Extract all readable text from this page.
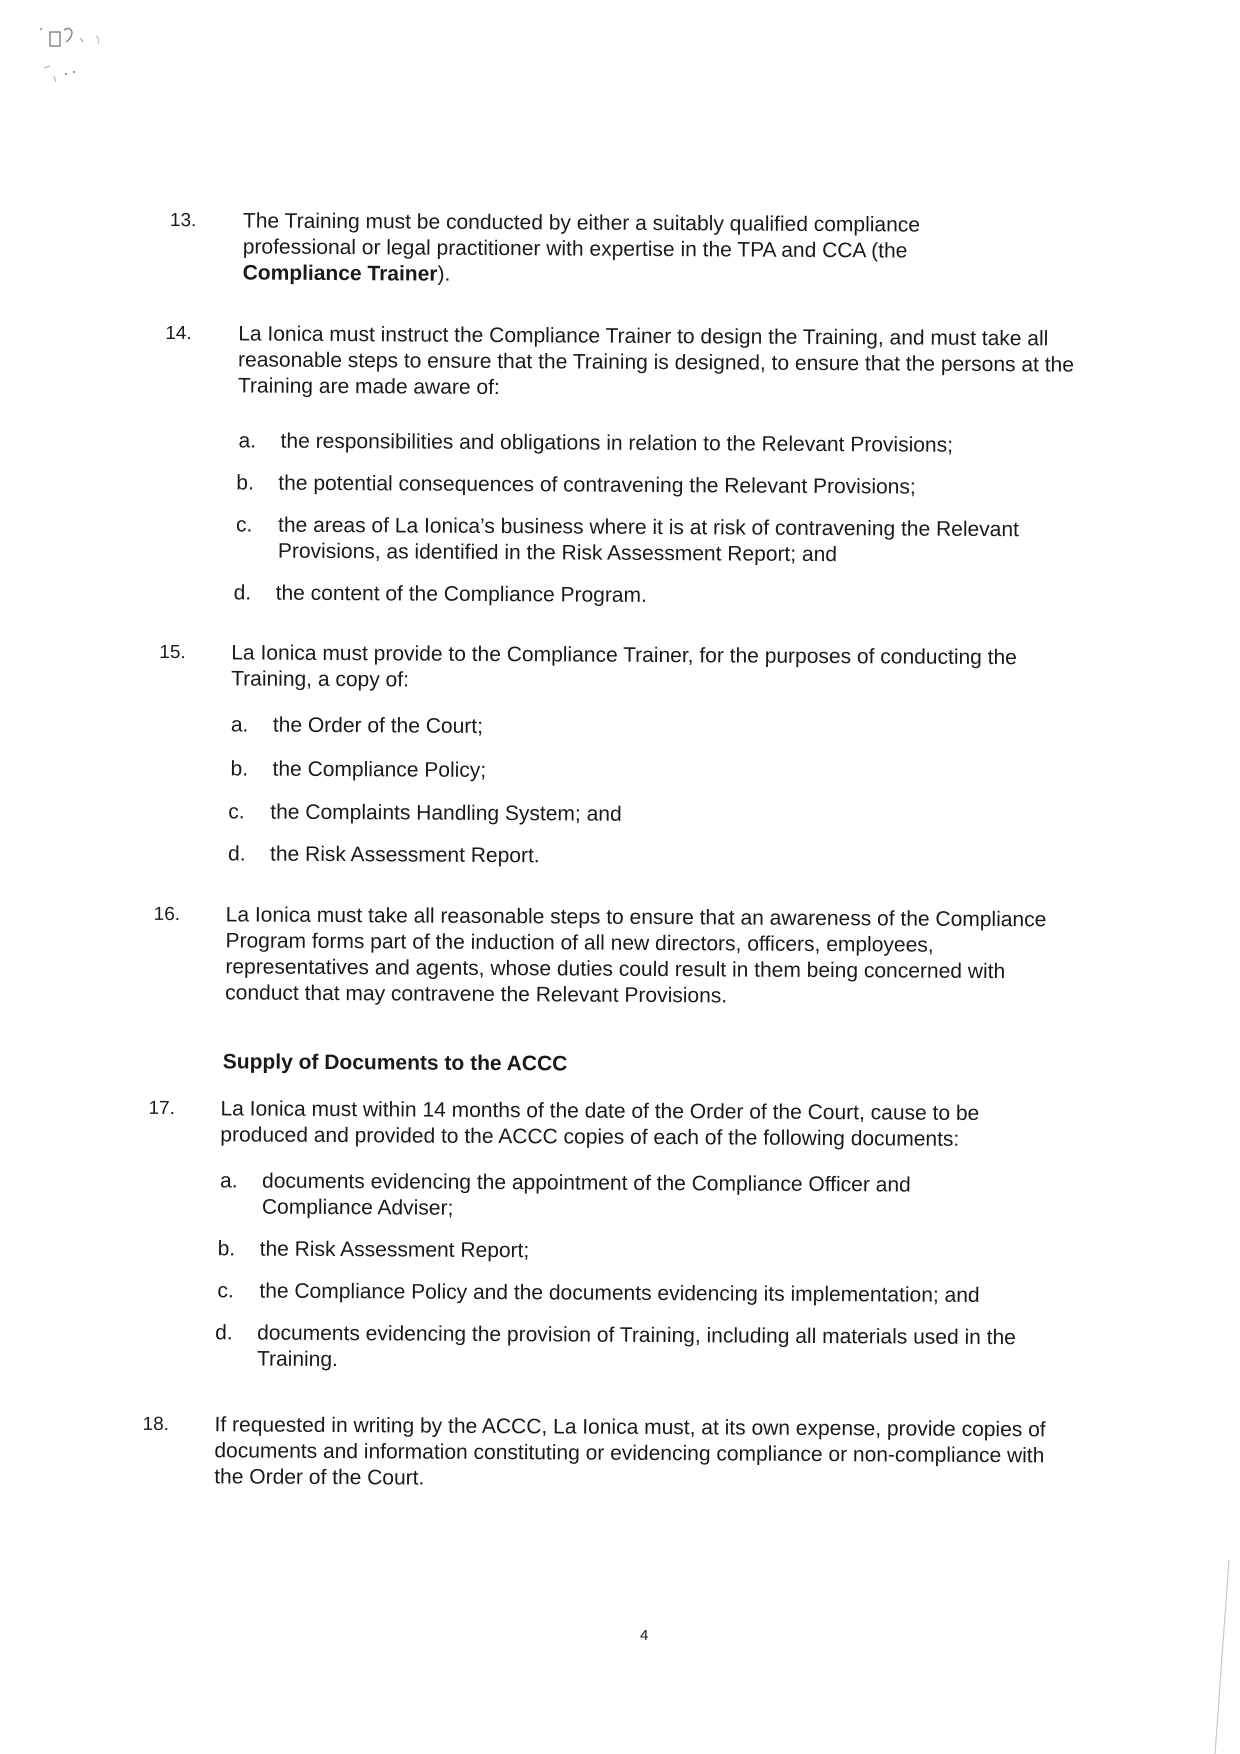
13. The Training must be conducted by either a suitably qualified compliance professional or legal practitioner with expertise in the TPA and CCA (the Compliance Trainer).
14. La Ionica must instruct the Compliance Trainer to design the Training, and must take all reasonable steps to ensure that the Training is designed, to ensure that the persons at the Training are made aware of:
a. the responsibilities and obligations in relation to the Relevant Provisions;
b. the potential consequences of contravening the Relevant Provisions;
c. the areas of La Ionica’s business where it is at risk of contravening the Relevant Provisions, as identified in the Risk Assessment Report; and
d. the content of the Compliance Program.
15. La Ionica must provide to the Compliance Trainer, for the purposes of conducting the Training, a copy of:
a. the Order of the Court;
b. the Compliance Policy;
c. the Complaints Handling System; and
d. the Risk Assessment Report.
16. La Ionica must take all reasonable steps to ensure that an awareness of the Compliance Program forms part of the induction of all new directors, officers, employees, representatives and agents, whose duties could result in them being concerned with conduct that may contravene the Relevant Provisions.
Supply of Documents to the ACCC
17. La Ionica must within 14 months of the date of the Order of the Court, cause to be produced and provided to the ACCC copies of each of the following documents:
a. documents evidencing the appointment of the Compliance Officer and Compliance Adviser;
b. the Risk Assessment Report;
c. the Compliance Policy and the documents evidencing its implementation; and
d. documents evidencing the provision of Training, including all materials used in the Training.
18. If requested in writing by the ACCC, La Ionica must, at its own expense, provide copies of documents and information constituting or evidencing compliance or non-compliance with the Order of the Court.
4
